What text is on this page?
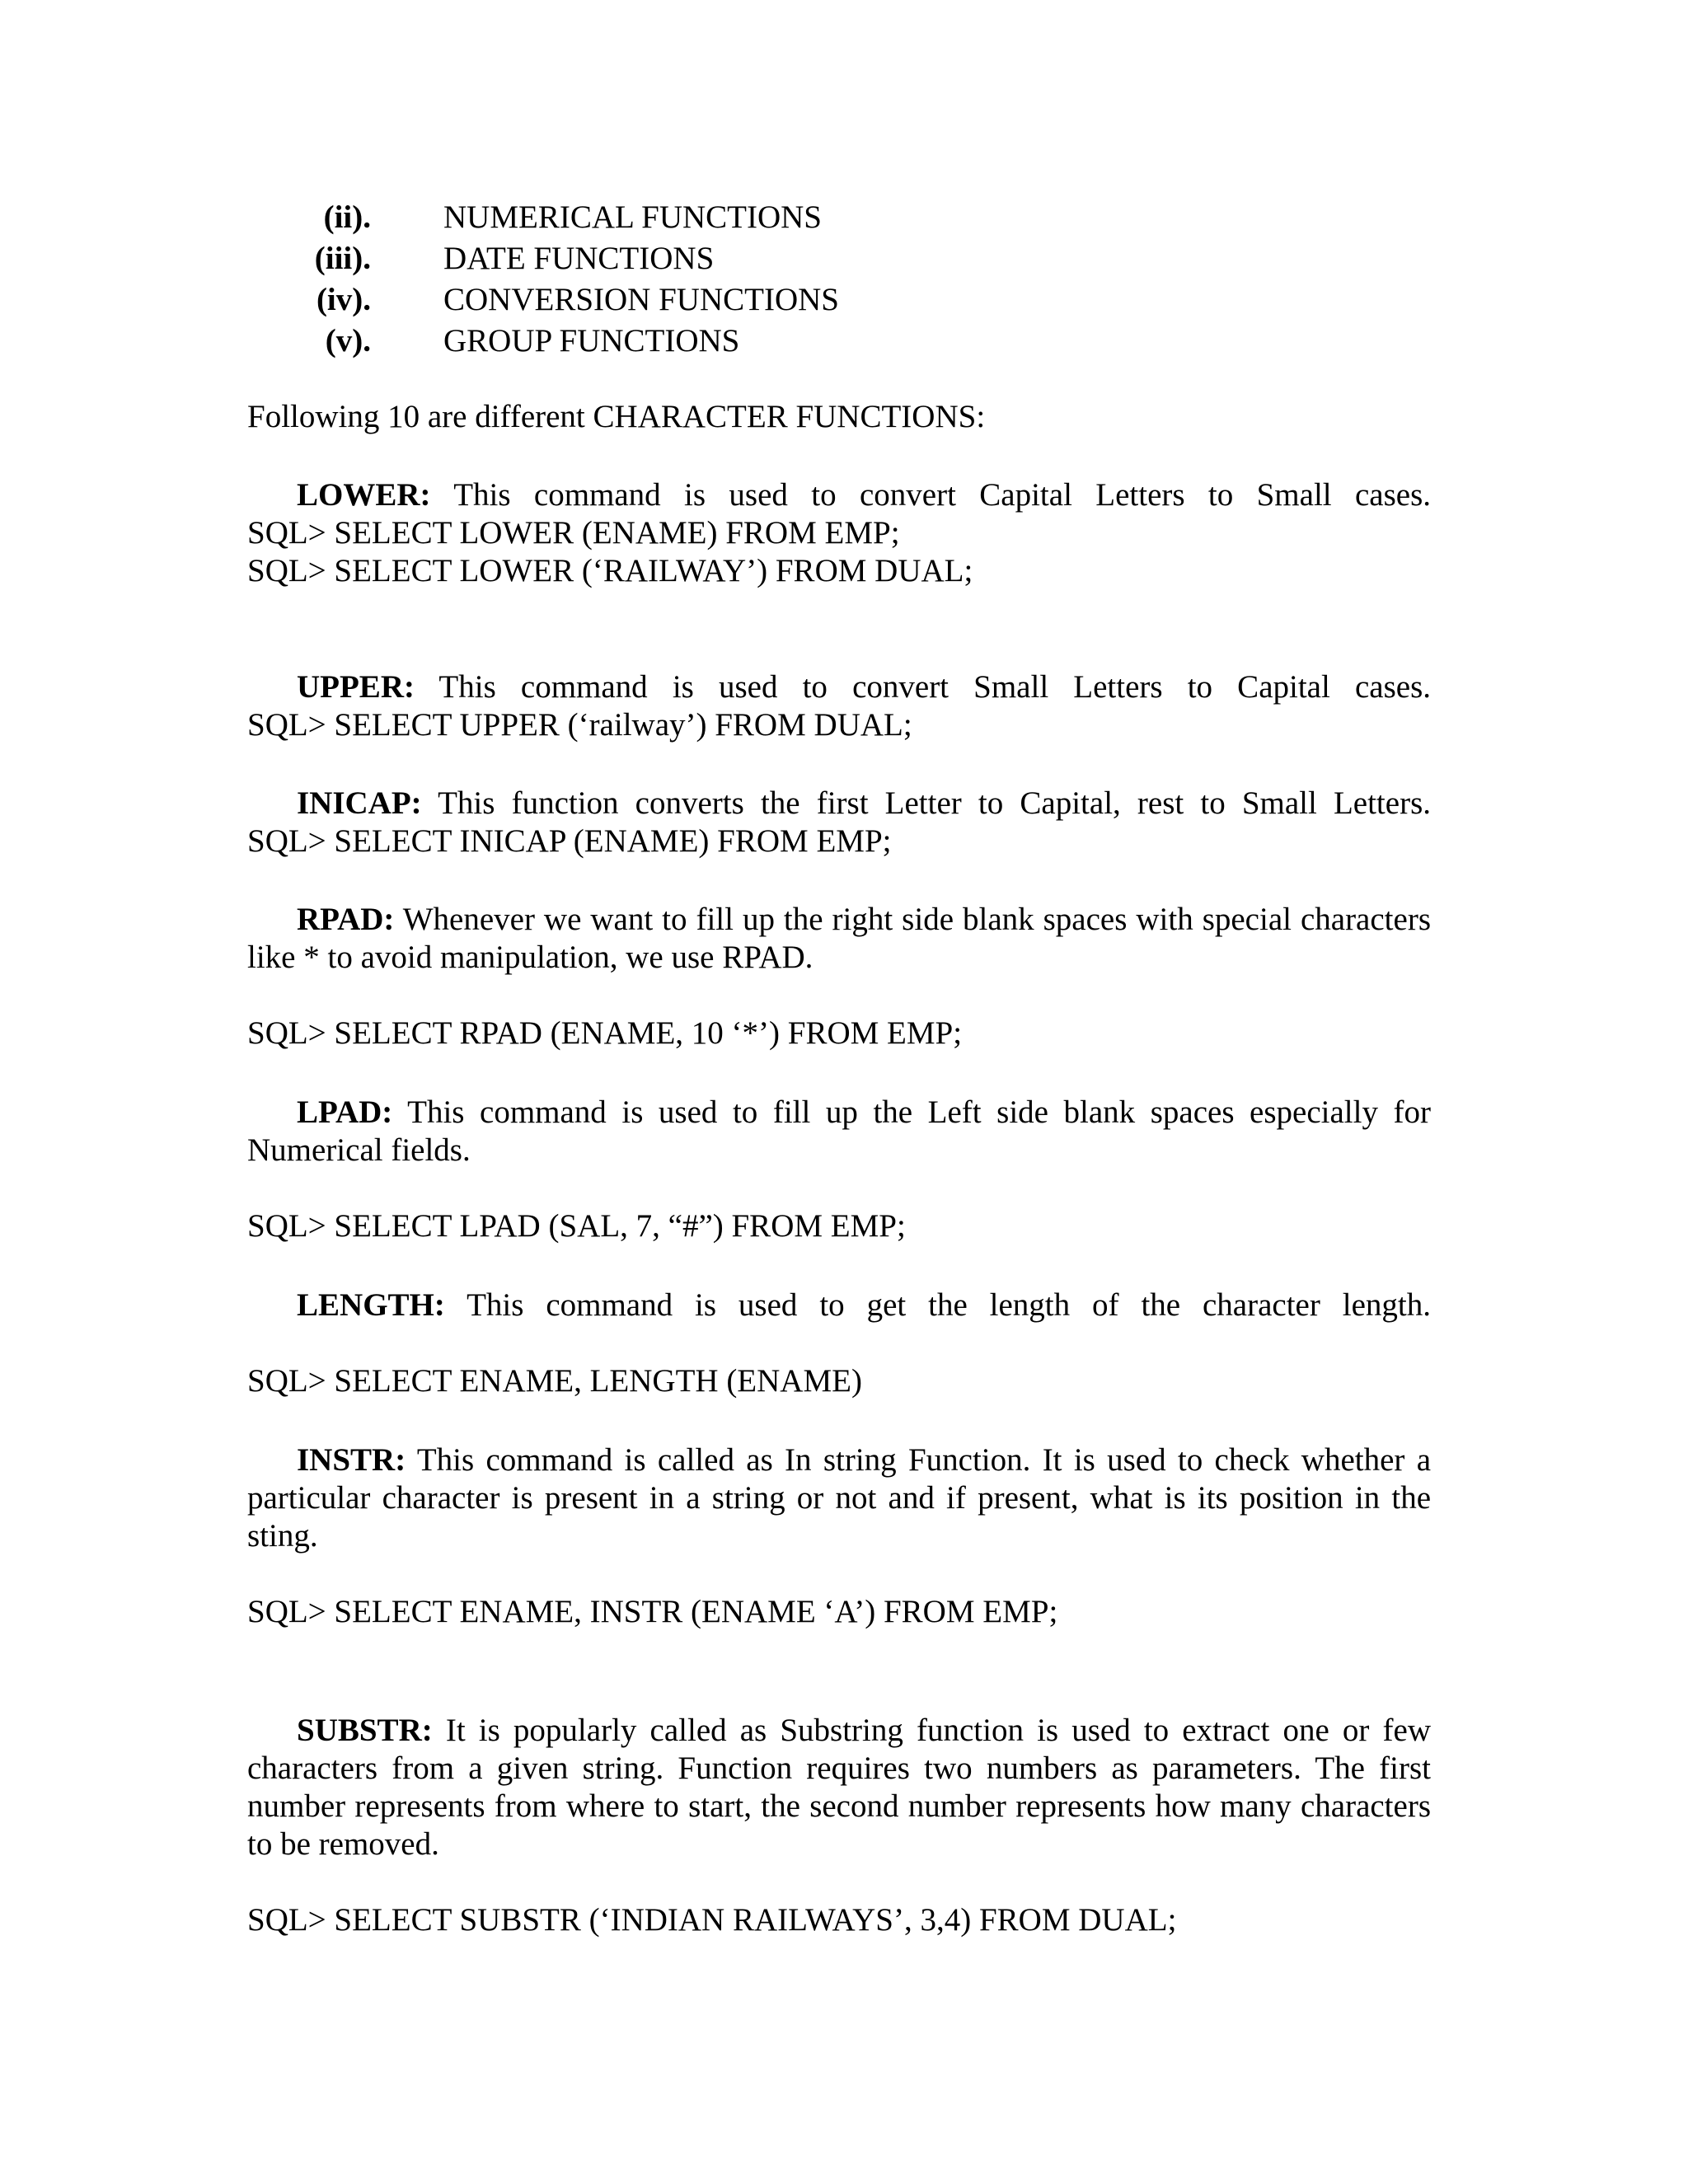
(ii). NUMERICAL FUNCTIONS
(iii). DATE FUNCTIONS
(iv). CONVERSION FUNCTIONS
(v). GROUP FUNCTIONS
Following 10 are different CHARACTER FUNCTIONS:
LOWER: This command is used to convert Capital Letters to Small cases.
SQL> SELECT LOWER (ENAME) FROM EMP;
SQL> SELECT LOWER (‘RAILWAY’) FROM DUAL;
UPPER: This command is used to convert Small Letters to Capital cases.
SQL> SELECT UPPER (‘railway’) FROM DUAL;
INICAP: This function converts the first Letter to Capital, rest to Small Letters.
SQL> SELECT INICAP (ENAME) FROM EMP;
RPAD: Whenever we want to fill up the right side blank spaces with special characters like * to avoid manipulation, we use RPAD.
SQL> SELECT RPAD (ENAME, 10 ‘*’) FROM EMP;
LPAD: This command is used to fill up the Left side blank spaces especially for Numerical fields.
SQL> SELECT LPAD (SAL, 7, “#”) FROM EMP;
LENGTH: This command is used to get the length of the character length.
SQL> SELECT ENAME, LENGTH (ENAME)
INSTR: This command is called as In string Function. It is used to check whether a particular character is present in a string or not and if present, what is its position in the sting.
SQL> SELECT ENAME, INSTR (ENAME ‘A’) FROM EMP;
SUBSTR: It is popularly called as Substring function is used to extract one or few characters from a given string. Function requires two numbers as parameters. The first number represents from where to start, the second number represents how many characters to be removed.
SQL> SELECT SUBSTR (‘INDIAN RAILWAYS’, 3,4) FROM DUAL;
